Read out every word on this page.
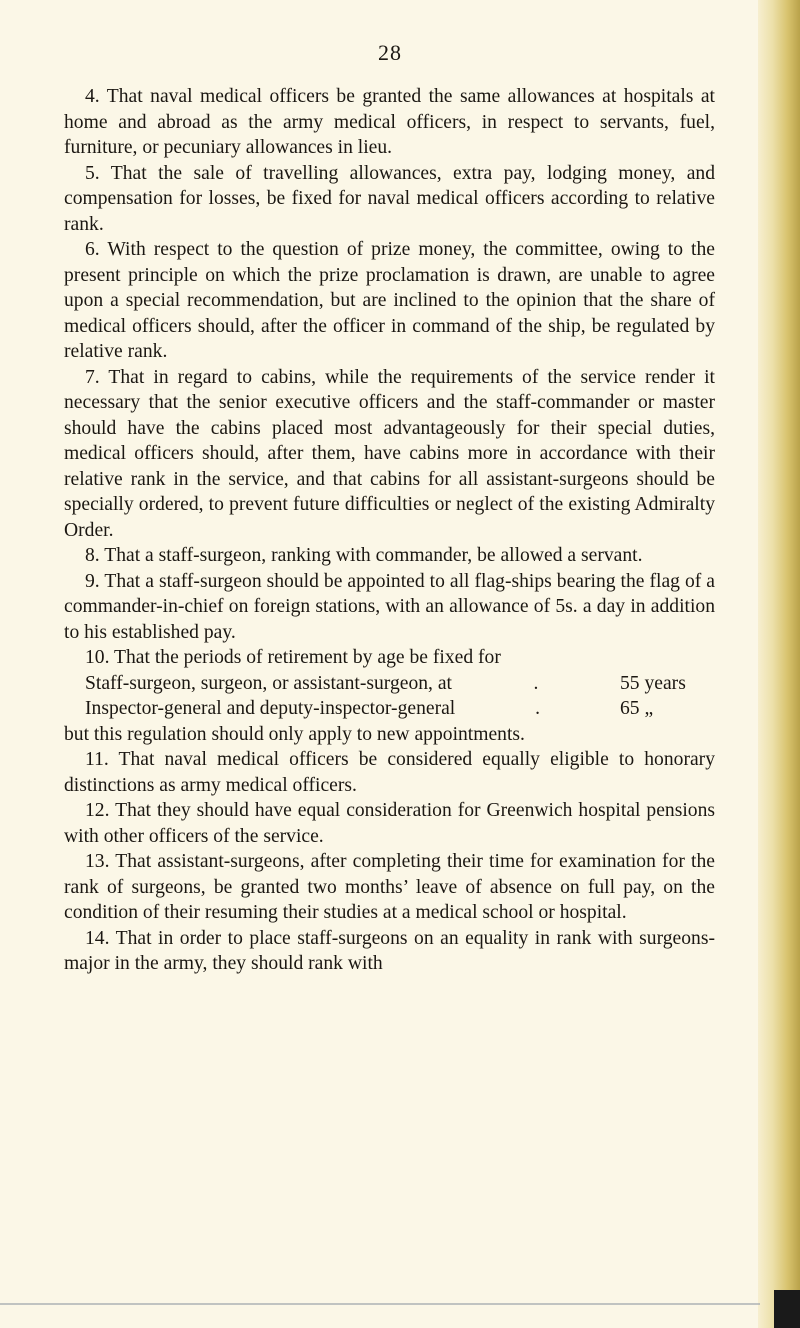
28

4. That naval medical officers be granted the same allowances at hospitals at home and abroad as the army medical officers, in respect to servants, fuel, furniture, or pecuniary allowances in lieu.

5. That the sale of travelling allowances, extra pay, lodging money, and compensation for losses, be fixed for naval medical officers according to relative rank.

6. With respect to the question of prize money, the committee, owing to the present principle on which the prize proclamation is drawn, are unable to agree upon a special recommendation, but are inclined to the opinion that the share of medical officers should, after the officer in command of the ship, be regulated by relative rank.

7. That in regard to cabins, while the requirements of the service render it necessary that the senior executive officers and the staff-commander or master should have the cabins placed most advantageously for their special duties, medical officers should, after them, have cabins more in accordance with their relative rank in the service, and that cabins for all assistant-surgeons should be specially ordered, to prevent future difficulties or neglect of the existing Admiralty Order.

8. That a staff-surgeon, ranking with commander, be allowed a servant.

9. That a staff-surgeon should be appointed to all flag-ships bearing the flag of a commander-in-chief on foreign stations, with an allowance of 5s. a day in addition to his established pay.

10. That the periods of retirement by age be fixed for

Staff-surgeon, surgeon, or assistant-surgeon, at	.	55 years
Inspector-general and deputy-inspector-general	.	65 „

but this regulation should only apply to new appointments.

11. That naval medical officers be considered equally eligible to honorary distinctions as army medical officers.

12. That they should have equal consideration for Greenwich hospital pensions with other officers of the service.

13. That assistant-surgeons, after completing their time for examination for the rank of surgeons, be granted two months’ leave of absence on full pay, on the condition of their resuming their studies at a medical school or hospital.

14. That in order to place staff-surgeons on an equality in rank with surgeons-major in the army, they should rank with
